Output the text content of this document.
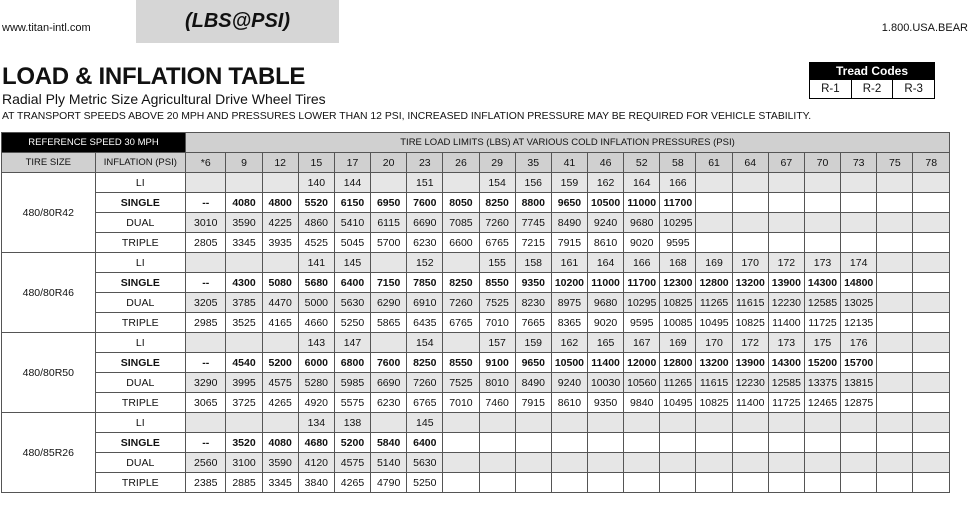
www.titan-intl.com	(LBS@PSI)	1.800.USA.BEAR
LOAD & INFLATION TABLE
Radial Ply Metric Size Agricultural Drive Wheel Tires
AT TRANSPORT SPEEDS ABOVE 20 MPH AND PRESSURES LOWER THAN 12 PSI, INCREASED INFLATION PRESSURE MAY BE REQUIRED FOR VEHICLE STABILITY.
Tread Codes
R-1	R-2	R-3
REFERENCE SPEED 30 MPH		TIRE LOAD LIMITS (LBS) AT VARIOUS COLD INFLATION PRESSURES (PSI)																				
TIRE SIZE	INFLATION (PSI)	*6	9	12	15	17	20	23	26	29	35	41	46	52	58	61	64	67	70	73	75	78
480/80R42	LI				140	144		151		154	156	159	162	164	166							
	SINGLE	--	4080	4800	5520	6150	6950	7600	8050	8250	8800	9650	10500	11000	11700							
	DUAL	3010	3590	4225	4860	5410	6115	6690	7085	7260	7745	8490	9240	9680	10295							
	TRIPLE	2805	3345	3935	4525	5045	5700	6230	6600	6765	7215	7915	8610	9020	9595							
480/80R46	LI				141	145		152		155	158	161	164	166	168	169	170	172	173	174		
	SINGLE	--	4300	5080	5680	6400	7150	7850	8250	8550	9350	10200	11000	11700	12300	12800	13200	13900	14300	14800		
	DUAL	3205	3785	4470	5000	5630	6290	6910	7260	7525	8230	8975	9680	10295	10825	11265	11615	12230	12585	13025		
	TRIPLE	2985	3525	4165	4660	5250	5865	6435	6765	7010	7665	8365	9020	9595	10085	10495	10825	11400	11725	12135		
480/80R50	LI				143	147		154		157	159	162	165	167	169	170	172	173	175	176		
	SINGLE	--	4540	5200	6000	6800	7600	8250	8550	9100	9650	10500	11400	12000	12800	13200	13900	14300	15200	15700		
	DUAL	3290	3995	4575	5280	5985	6690	7260	7525	8010	8490	9240	10030	10560	11265	11615	12230	12585	13375	13815		
	TRIPLE	3065	3725	4265	4920	5575	6230	6765	7010	7460	7915	8610	9350	9840	10495	10825	11400	11725	12465	12875		
480/85R26	LI				134	138		145														
	SINGLE	--	3520	4080	4680	5200	5840	6400														
	DUAL	2560	3100	3590	4120	4575	5140	5630														
	TRIPLE	2385	2885	3345	3840	4265	4790	5250														
